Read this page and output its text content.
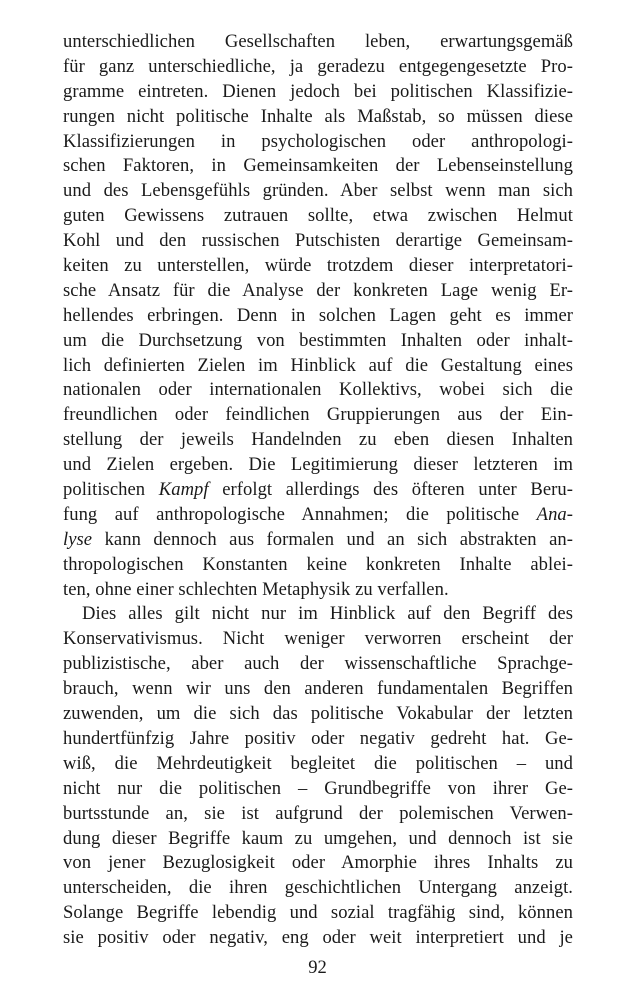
unterschiedlichen Gesellschaften leben, erwartungsgemäß
für ganz unterschiedliche, ja geradezu entgegengesetzte Pro-
gramme eintreten. Dienen jedoch bei politischen Klassifizie-
rungen nicht politische Inhalte als Maßstab, so müssen diese
Klassifizierungen in psychologischen oder anthropologi-
schen Faktoren, in Gemeinsamkeiten der Lebenseinstellung
und des Lebensgefühls gründen. Aber selbst wenn man sich
guten Gewissens zutrauen sollte, etwa zwischen Helmut
Kohl und den russischen Putschisten derartige Gemeinsam-
keiten zu unterstellen, würde trotzdem dieser interpretatori-
sche Ansatz für die Analyse der konkreten Lage wenig Er-
hellendes erbringen. Denn in solchen Lagen geht es immer
um die Durchsetzung von bestimmten Inhalten oder inhalt-
lich definierten Zielen im Hinblick auf die Gestaltung eines
nationalen oder internationalen Kollektivs, wobei sich die
freundlichen oder feindlichen Gruppierungen aus der Ein-
stellung der jeweils Handelnden zu eben diesen Inhalten
und Zielen ergeben. Die Legitimierung dieser letzteren im
politischen Kampf erfolgt allerdings des öfteren unter Beru-
fung auf anthropologische Annahmen; die politische Ana-
lyse kann dennoch aus formalen und an sich abstrakten an-
thropologischen Konstanten keine konkreten Inhalte ablei-
ten, ohne einer schlechten Metaphysik zu verfallen.
Dies alles gilt nicht nur im Hinblick auf den Begriff des
Konservativismus. Nicht weniger verworren erscheint der
publizistische, aber auch der wissenschaftliche Sprachge-
brauch, wenn wir uns den anderen fundamentalen Begriffen
zuwenden, um die sich das politische Vokabular der letzten
hundertfünfzig Jahre positiv oder negativ gedreht hat. Ge-
wiß, die Mehrdeutigkeit begleitet die politischen – und
nicht nur die politischen – Grundbegriffe von ihrer Ge-
burtsstunde an, sie ist aufgrund der polemischen Verwen-
dung dieser Begriffe kaum zu umgehen, und dennoch ist sie
von jener Bezuglosigkeit oder Amorphie ihres Inhalts zu
unterscheiden, die ihren geschichtlichen Untergang anzeigt.
Solange Begriffe lebendig und sozial tragfähig sind, können
sie positiv oder negativ, eng oder weit interpretiert und je
92
